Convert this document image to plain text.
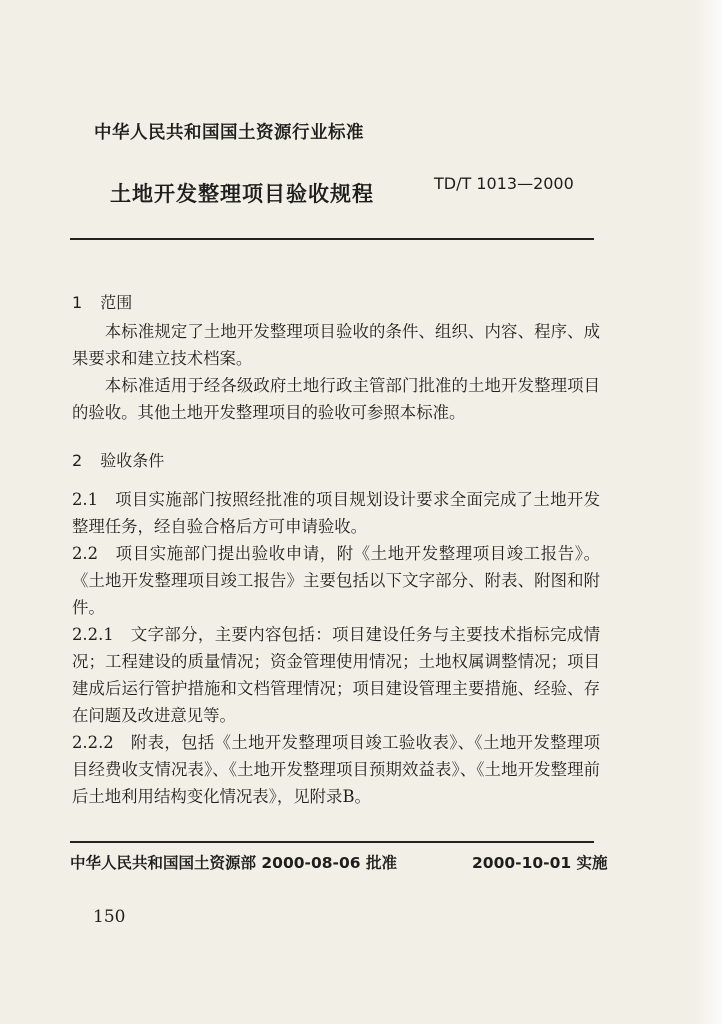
中华人民共和国国土资源行业标准
土地开发整理项目验收规程	TD/T 1013—2000
1 范围
本标准规定了土地开发整理项目验收的条件、组织、内容、程序、成果要求和建立技术档案。
本标准适用于经各级政府土地行政主管部门批准的土地开发整理项目的验收。其他土地开发整理项目的验收可参照本标准。
2 验收条件
2.1　项目实施部门按照经批准的项目规划设计要求全面完成了土地开发整理任务，经自验合格后方可申请验收。
2.2　项目实施部门提出验收申请，附《土地开发整理项目竣工报告》。《土地开发整理项目竣工报告》主要包括以下文字部分、附表、附图和附件。
2.2.1　文字部分，主要内容包括：项目建设任务与主要技术指标完成情况；工程建设的质量情况；资金管理使用情况；土地权属调整情况；项目建成后运行管护措施和文档管理情况；项目建设管理主要措施、经验、存在问题及改进意见等。
2.2.2　附表，包括《土地开发整理项目竣工验收表》、《土地开发整理项目经费收支情况表》、《土地开发整理项目预期效益表》、《土地开发整理前后土地利用结构变化情况表》，见附录B。
中华人民共和国国土资源部 2000-08-06 批准	2000-10-01 实施
150
